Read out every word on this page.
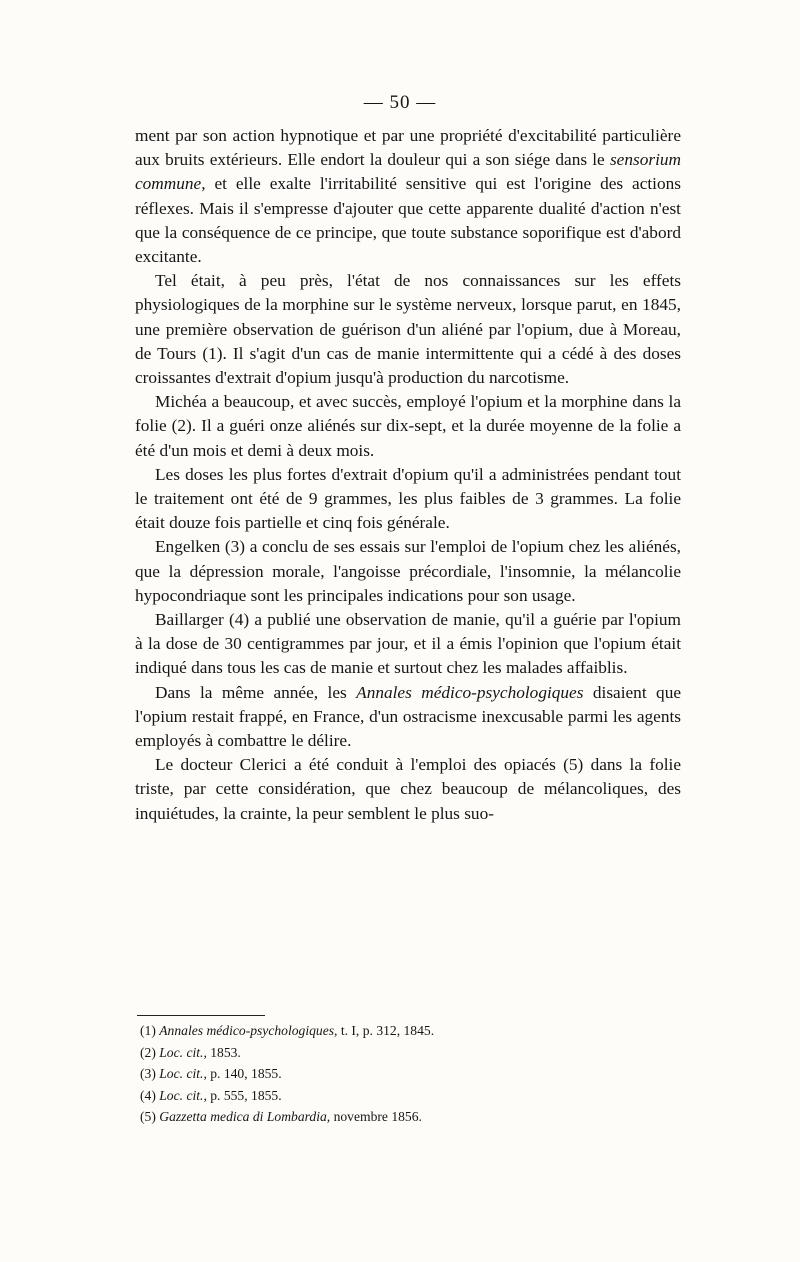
— 50 —

ment par son action hypnotique et par une propriété d'excitabilité particulière aux bruits extérieurs. Elle endort la douleur qui a son siége dans le sensorium commune, et elle exalte l'irritabilité sensitive qui est l'origine des actions réflexes. Mais il s'empresse d'ajouter que cette apparente dualité d'action n'est que la conséquence de ce principe, que toute substance soporifique est d'abord excitante.

Tel était, à peu près, l'état de nos connaissances sur les effets physiologiques de la morphine sur le système nerveux, lorsque parut, en 1845, une première observation de guérison d'un aliéné par l'opium, due à Moreau, de Tours (1). Il s'agit d'un cas de manie intermittente qui a cédé à des doses croissantes d'extrait d'opium jusqu'à production du narcotisme.

Michéa a beaucoup, et avec succès, employé l'opium et la morphine dans la folie (2). Il a guéri onze aliénés sur dix-sept, et la durée moyenne de la folie a été d'un mois et demi à deux mois.

Les doses les plus fortes d'extrait d'opium qu'il a administrées pendant tout le traitement ont été de 9 grammes, les plus faibles de 3 grammes. La folie était douze fois partielle et cinq fois générale.

Engelken (3) a conclu de ses essais sur l'emploi de l'opium chez les aliénés, que la dépression morale, l'angoisse précordiale, l'insomnie, la mélancolie hypocondriaque sont les principales indications pour son usage.

Baillarger (4) a publié une observation de manie, qu'il a guérie par l'opium à la dose de 30 centigrammes par jour, et il a émis l'opinion que l'opium était indiqué dans tous les cas de manie et surtout chez les malades affaiblis.

Dans la même année, les Annales médico-psychologiques disaient que l'opium restait frappé, en France, d'un ostracisme inexcusable parmi les agents employés à combattre le délire.

Le docteur Clerici a été conduit à l'emploi des opiacés (5) dans la folie triste, par cette considération, que chez beaucoup de mélancoliques, des inquiétudes, la crainte, la peur semblent le plus suo-

(1) Annales médico-psychologiques, t. I, p. 312, 1845.
(2) Loc. cit., 1853.
(3) Loc. cit., p. 140, 1855.
(4) Loc. cit., p. 555, 1855.
(5) Gazzetta medica di Lombardia, novembre 1856.
